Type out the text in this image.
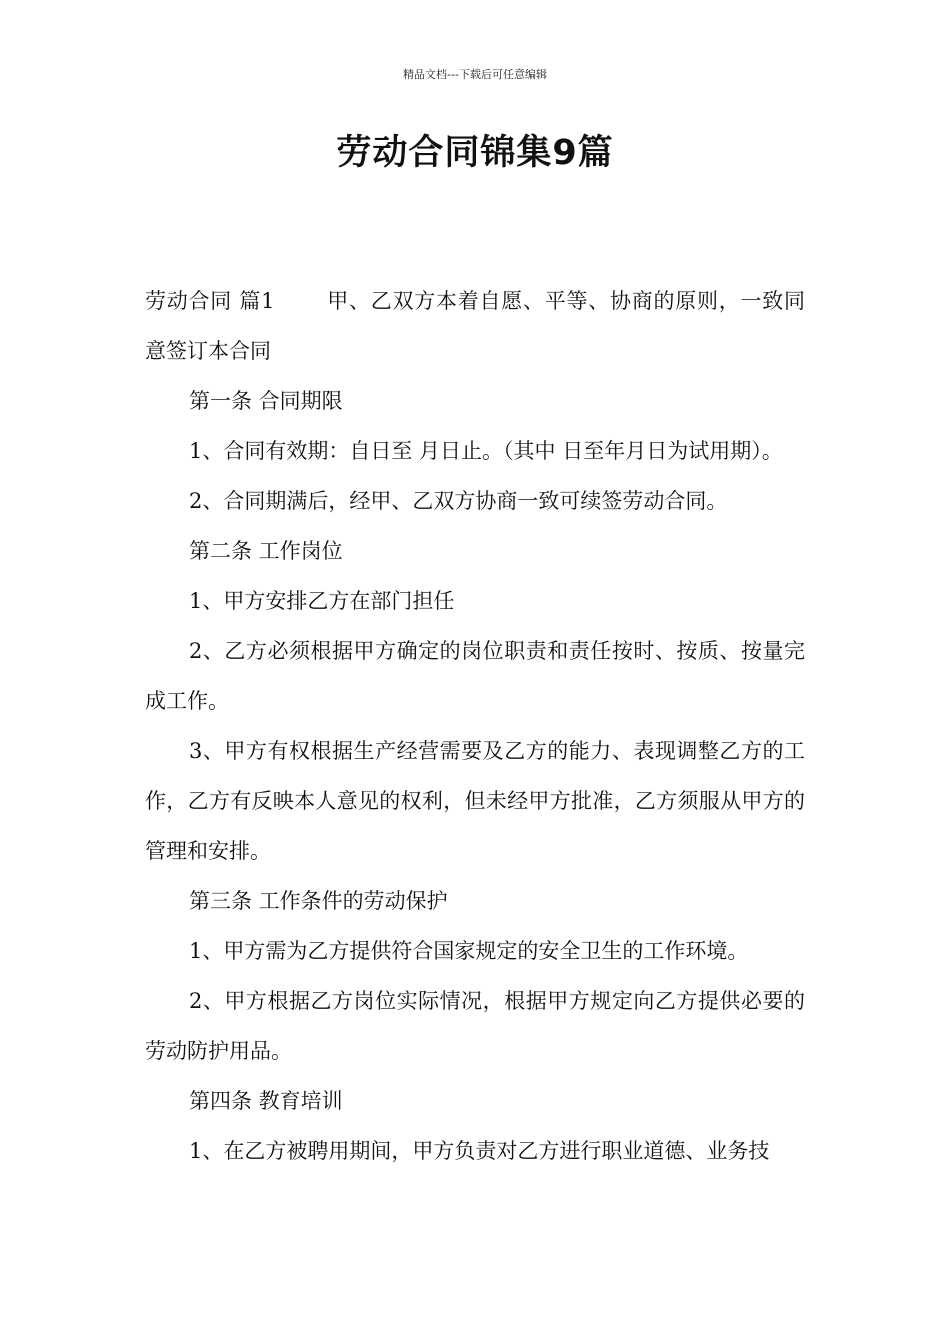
精品文档---下载后可任意编辑
劳动合同锦集9篇

劳动合同 篇1 甲、乙双方本着自愿、平等、协商的原则，一致同意签订本合同

第一条 合同期限

1、合同有效期：自日至 月日止。（其中 日至年月日为试用期）。

2、合同期满后，经甲、乙双方协商一致可续签劳动合同。

第二条 工作岗位

1、甲方安排乙方在部门担任

2、乙方必须根据甲方确定的岗位职责和责任按时、按质、按量完成工作。

3、甲方有权根据生产经营需要及乙方的能力、表现调整乙方的工作，乙方有反映本人意见的权利，但未经甲方批准，乙方须服从甲方的管理和安排。

第三条 工作条件的劳动保护

1、甲方需为乙方提供符合国家规定的安全卫生的工作环境。

2、甲方根据乙方岗位实际情况，根据甲方规定向乙方提供必要的劳动防护用品。

第四条 教育培训

1、在乙方被聘用期间，甲方负责对乙方进行职业道德、业务技
